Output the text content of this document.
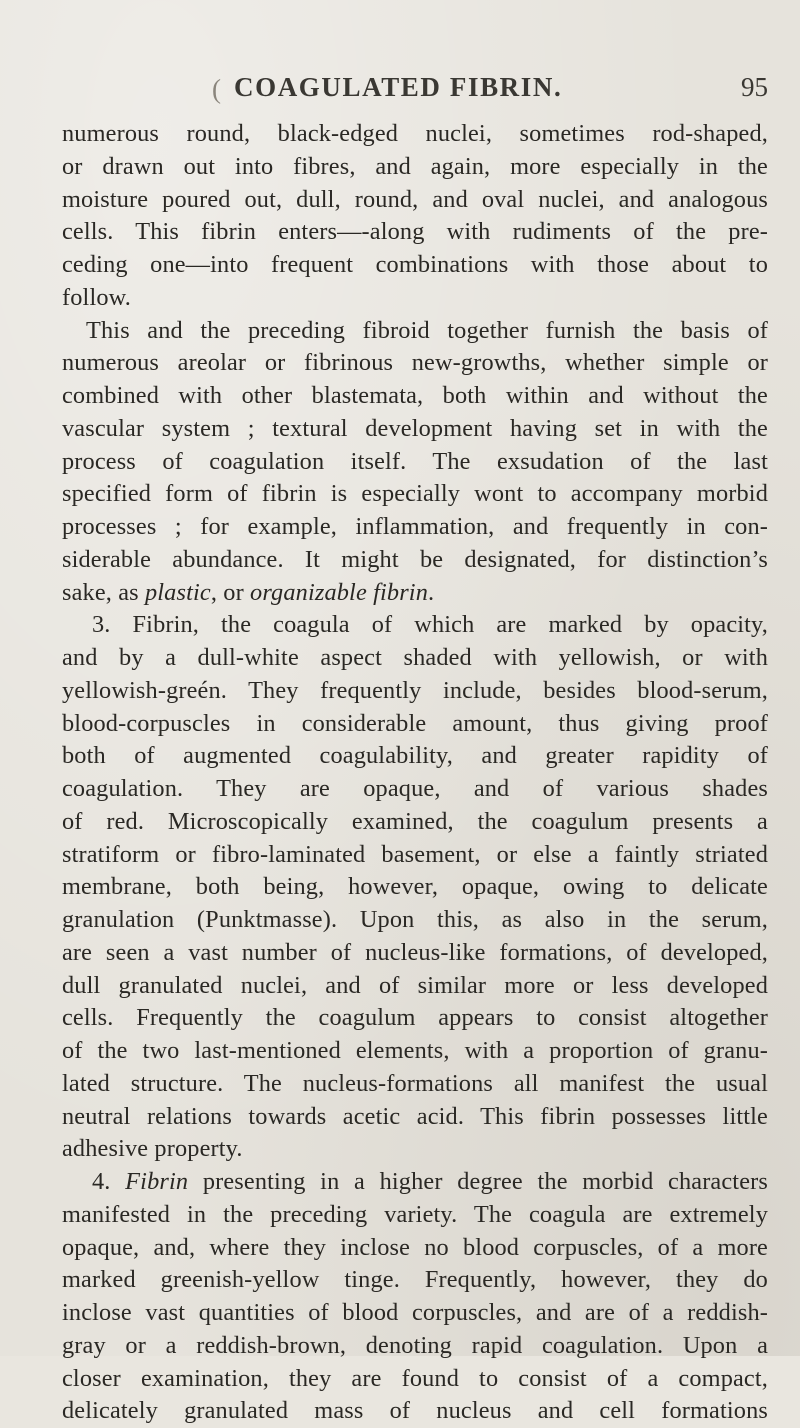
( COAGULATED FIBRIN.	95
numerous round, black-edged nuclei, sometimes rod-shaped,
or drawn out into fibres, and again, more especially in the
moisture poured out, dull, round, and oval nuclei, and analogous
cells. This fibrin enters—-along with rudiments of the pre-
ceding one—into frequent combinations with those about to
follow.
This and the preceding fibroid together furnish the basis of
numerous areolar or fibrinous new-growths, whether simple or
combined with other blastemata, both within and without the
vascular system ; textural development having set in with the
process of coagulation itself. The exsudation of the last
specified form of fibrin is especially wont to accompany morbid
processes ; for example, inflammation, and frequently in con-
siderable abundance. It might be designated, for distinction’s
sake, as plastic, or organizable fibrin.
3. Fibrin, the coagula of which are marked by opacity,
and by a dull-white aspect shaded with yellowish, or with
yellowish-greén. They frequently include, besides blood-serum,
blood-corpuscles in considerable amount, thus giving proof
both of augmented coagulability, and greater rapidity of
coagulation. They are opaque, and of various shades
of red. Microscopically examined, the coagulum presents a
stratiform or fibro-laminated basement, or else a faintly striated
membrane, both being, however, opaque, owing to delicate
granulation (Punktmasse). Upon this, as also in the serum,
are seen a vast number of nucleus-like formations, of developed,
dull granulated nuclei, and of similar more or less developed
cells. Frequently the coagulum appears to consist altogether
of the two last-mentioned elements, with a proportion of granu-
lated structure. The nucleus-formations all manifest the usual
neutral relations towards acetic acid. This fibrin possesses little
adhesive property.
4. Fibrin presenting in a higher degree the morbid characters
manifested in the preceding variety. The coagula are extremely
opaque, and, where they inclose no blood corpuscles, of a more
marked greenish-yellow tinge. Frequently, however, they do
inclose vast quantities of blood corpuscles, and are of a reddish-
gray or a reddish-brown, denoting rapid coagulation. Upon a
closer examination, they are found to consist of a compact,
delicately granulated mass of nucleus and cell formations
